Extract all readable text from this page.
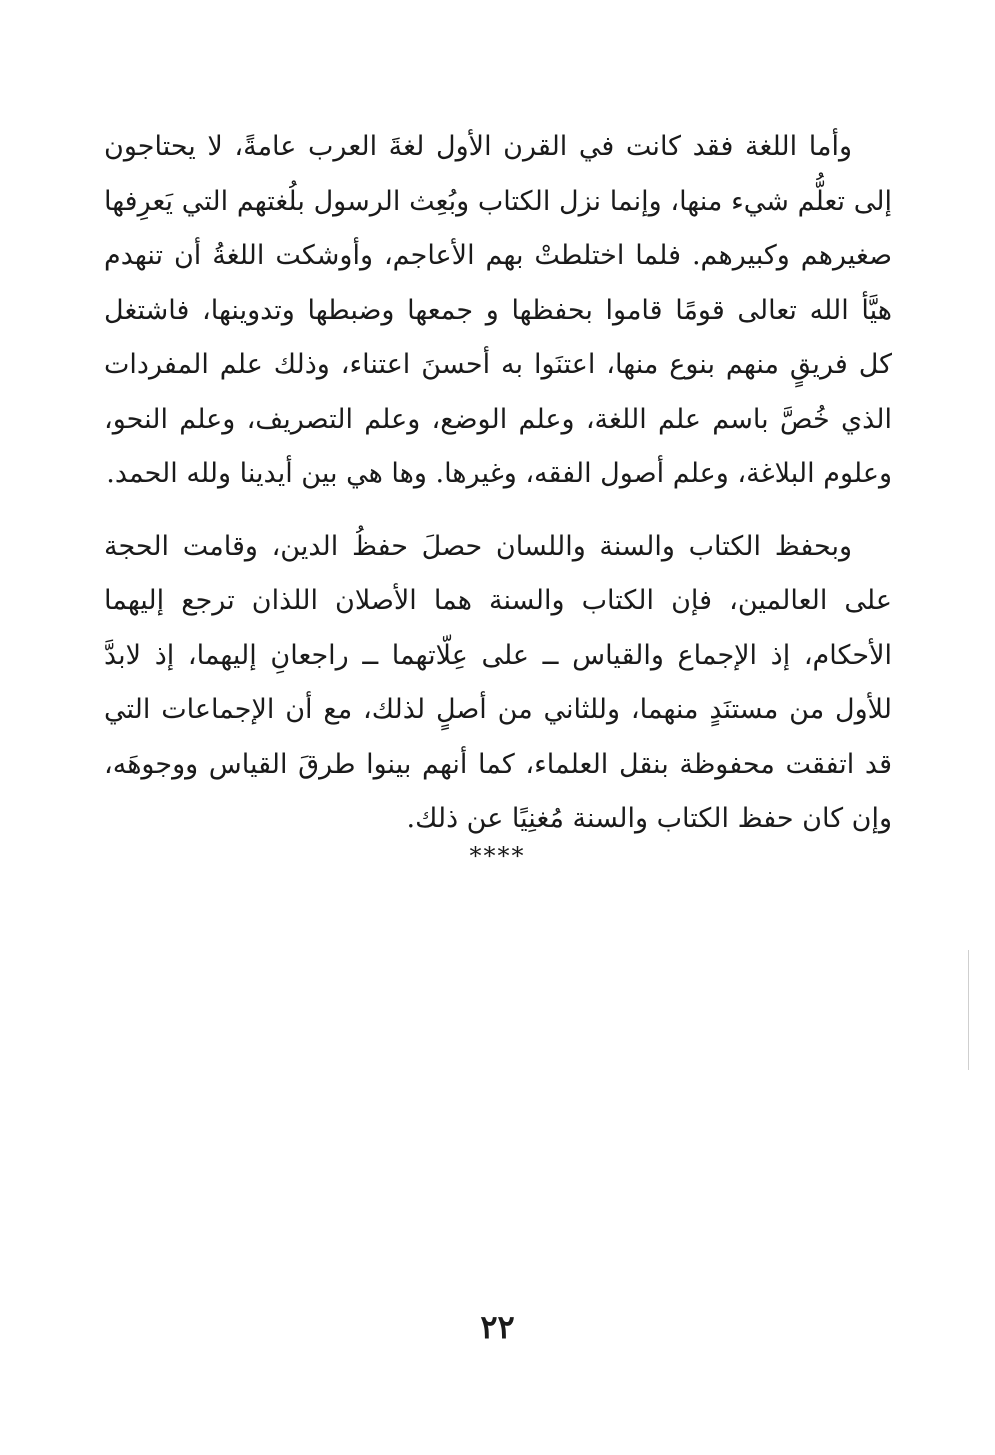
وأما اللغة فقد كانت في القرن الأول لغةَ العرب عامةً، لا يحتاجون إلى تعلُّم شيء منها، وإنما نزل الكتاب وبُعِث الرسول بلُغتهم التي يَعرِفها صغيرهم وكبيرهم. فلما اختلطتْ بهم الأعاجم، وأوشكت اللغةُ أن تنهدم هيَّأ الله تعالى قومًا قاموا بحفظها و جمعها وضبطها وتدوينها، فاشتغل كل فريقٍ منهم بنوع منها، اعتنَوا به أحسنَ اعتناء، وذلك علم المفردات الذي خُصَّ باسم علم اللغة، وعلم الوضع، وعلم التصريف، وعلم النحو، وعلوم البلاغة، وعلم أصول الفقه، وغيرها. وها هي بين أيدينا ولله الحمد.

وبحفظ الكتاب والسنة واللسان حصلَ حفظُ الدين، وقامت الحجة على العالمين، فإن الكتاب والسنة هما الأصلان اللذان ترجع إليهما الأحكام، إذ الإجماع والقياس ــ على عِلّاتهما ــ راجعانِ إليهما، إذ لابدَّ للأول من مستنَدٍ منهما، وللثاني من أصلٍ لذلك، مع أن الإجماعات التي قد اتفقت محفوظة بنقل العلماء، كما أنهم بينوا طرقَ القياس ووجوهَه، وإن كان حفظ الكتاب والسنة مُغنِيًا عن ذلك.

****
٢٢
